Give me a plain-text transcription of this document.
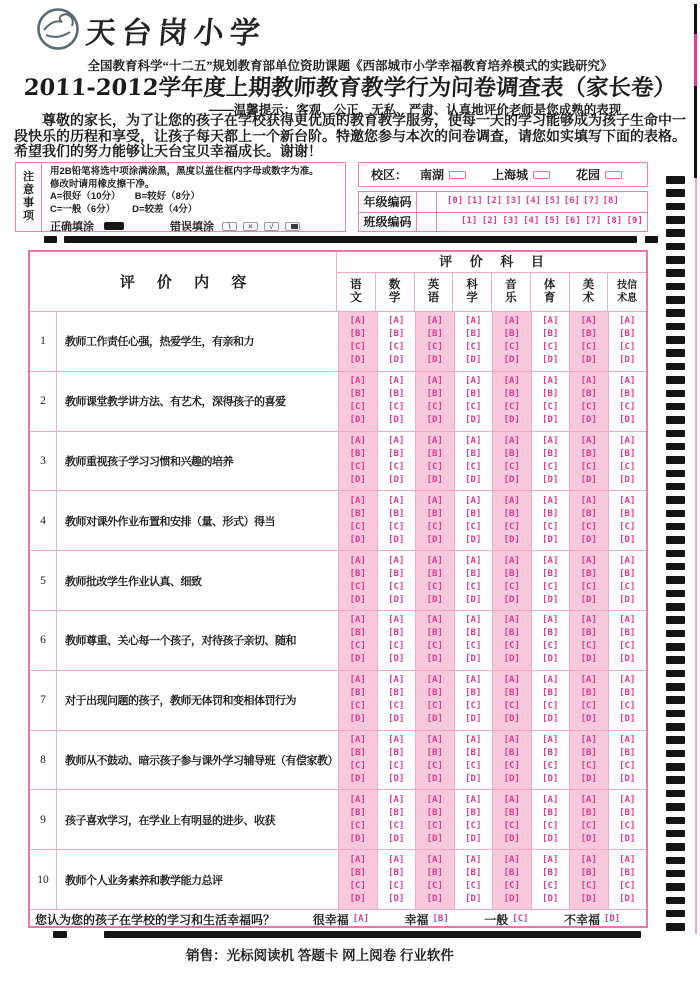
天台岗小学
全国教育科学“十二五”规划教育部单位资助课题《西部城市小学幸福教育培养模式的实践研究》
2011-2012学年度上期教师教育教学行为问卷调查表（家长卷）
——温馨提示：客观、公正、无私、严肃、认真地评价老师是您成熟的表现
尊敬的家长，为了让您的孩子在学校获得更优质的教育教学服务，使每一天的学习能够成为孩子生命中一段快乐的历程和享受，让孩子每天都上一个新台阶。特邀您参与本次的问卷调查，请您如实填写下面的表格。希望我们的努力能够让天台宝贝幸福成长。谢谢！
注
意
事
项
用2B铅笔将选中项涂满涂黑，黑度以盖住框内字母或数字为准。
修改时请用橡皮擦干净。
A=很好（10分）　　B=较好（8分）
C=一般（6分）　　 D=较差（4分）
正确填涂	错误填涂	\	×	√
校区： 南湖	上海城	花园
年级编码	[0] [1] [2] [3] [4] [5] [6] [7] [8]
班级编码	[1] [2] [3] [4] [5] [6] [7] [8] [9]
评 价 内 容
评 价 科 目
语
文
数
学
英
语
科
学
音
乐
体
育
美
术
技信
术息
1	教师工作责任心强，热爱学生，有亲和力
[A]
[B]
[C]
[D]
[A]
[B]
[C]
[D]
[A]
[B]
[C]
[D]
[A]
[B]
[C]
[D]
[A]
[B]
[C]
[D]
[A]
[B]
[C]
[D]
[A]
[B]
[C]
[D]
[A]
[B]
[C]
[D]
2	教师课堂教学讲方法、有艺术，深得孩子的喜爱
[A]
[B]
[C]
[D]
[A]
[B]
[C]
[D]
[A]
[B]
[C]
[D]
[A]
[B]
[C]
[D]
[A]
[B]
[C]
[D]
[A]
[B]
[C]
[D]
[A]
[B]
[C]
[D]
[A]
[B]
[C]
[D]
3	教师重视孩子学习习惯和兴趣的培养
[A]
[B]
[C]
[D]
[A]
[B]
[C]
[D]
[A]
[B]
[C]
[D]
[A]
[B]
[C]
[D]
[A]
[B]
[C]
[D]
[A]
[B]
[C]
[D]
[A]
[B]
[C]
[D]
[A]
[B]
[C]
[D]
4	教师对课外作业布置和安排（量、形式）得当
[A]
[B]
[C]
[D]
[A]
[B]
[C]
[D]
[A]
[B]
[C]
[D]
[A]
[B]
[C]
[D]
[A]
[B]
[C]
[D]
[A]
[B]
[C]
[D]
[A]
[B]
[C]
[D]
[A]
[B]
[C]
[D]
5	教师批改学生作业认真、细致
[A]
[B]
[C]
[D]
[A]
[B]
[C]
[D]
[A]
[B]
[C]
[D]
[A]
[B]
[C]
[D]
[A]
[B]
[C]
[D]
[A]
[B]
[C]
[D]
[A]
[B]
[C]
[D]
[A]
[B]
[C]
[D]
6	教师尊重、关心每一个孩子，对待孩子亲切、随和
[A]
[B]
[C]
[D]
[A]
[B]
[C]
[D]
[A]
[B]
[C]
[D]
[A]
[B]
[C]
[D]
[A]
[B]
[C]
[D]
[A]
[B]
[C]
[D]
[A]
[B]
[C]
[D]
[A]
[B]
[C]
[D]
7	对于出现问题的孩子，教师无体罚和变相体罚行为
[A]
[B]
[C]
[D]
[A]
[B]
[C]
[D]
[A]
[B]
[C]
[D]
[A]
[B]
[C]
[D]
[A]
[B]
[C]
[D]
[A]
[B]
[C]
[D]
[A]
[B]
[C]
[D]
[A]
[B]
[C]
[D]
8	教师从不鼓动、暗示孩子参与课外学习辅导班（有偿家教）
[A]
[B]
[C]
[D]
[A]
[B]
[C]
[D]
[A]
[B]
[C]
[D]
[A]
[B]
[C]
[D]
[A]
[B]
[C]
[D]
[A]
[B]
[C]
[D]
[A]
[B]
[C]
[D]
[A]
[B]
[C]
[D]
9	孩子喜欢学习，在学业上有明显的进步、收获
[A]
[B]
[C]
[D]
[A]
[B]
[C]
[D]
[A]
[B]
[C]
[D]
[A]
[B]
[C]
[D]
[A]
[B]
[C]
[D]
[A]
[B]
[C]
[D]
[A]
[B]
[C]
[D]
[A]
[B]
[C]
[D]
10	教师个人业务素养和教学能力总评
[A]
[B]
[C]
[D]
[A]
[B]
[C]
[D]
[A]
[B]
[C]
[D]
[A]
[B]
[C]
[D]
[A]
[B]
[C]
[D]
[A]
[B]
[C]
[D]
[A]
[B]
[C]
[D]
[A]
[B]
[C]
[D]
您认为您的孩子在学校的学习和生活幸福吗？	很幸福 [A]	幸福 [B]	一般 [C]	不幸福 [D]
销售：光标阅读机 答题卡 网上阅卷 行业软件
